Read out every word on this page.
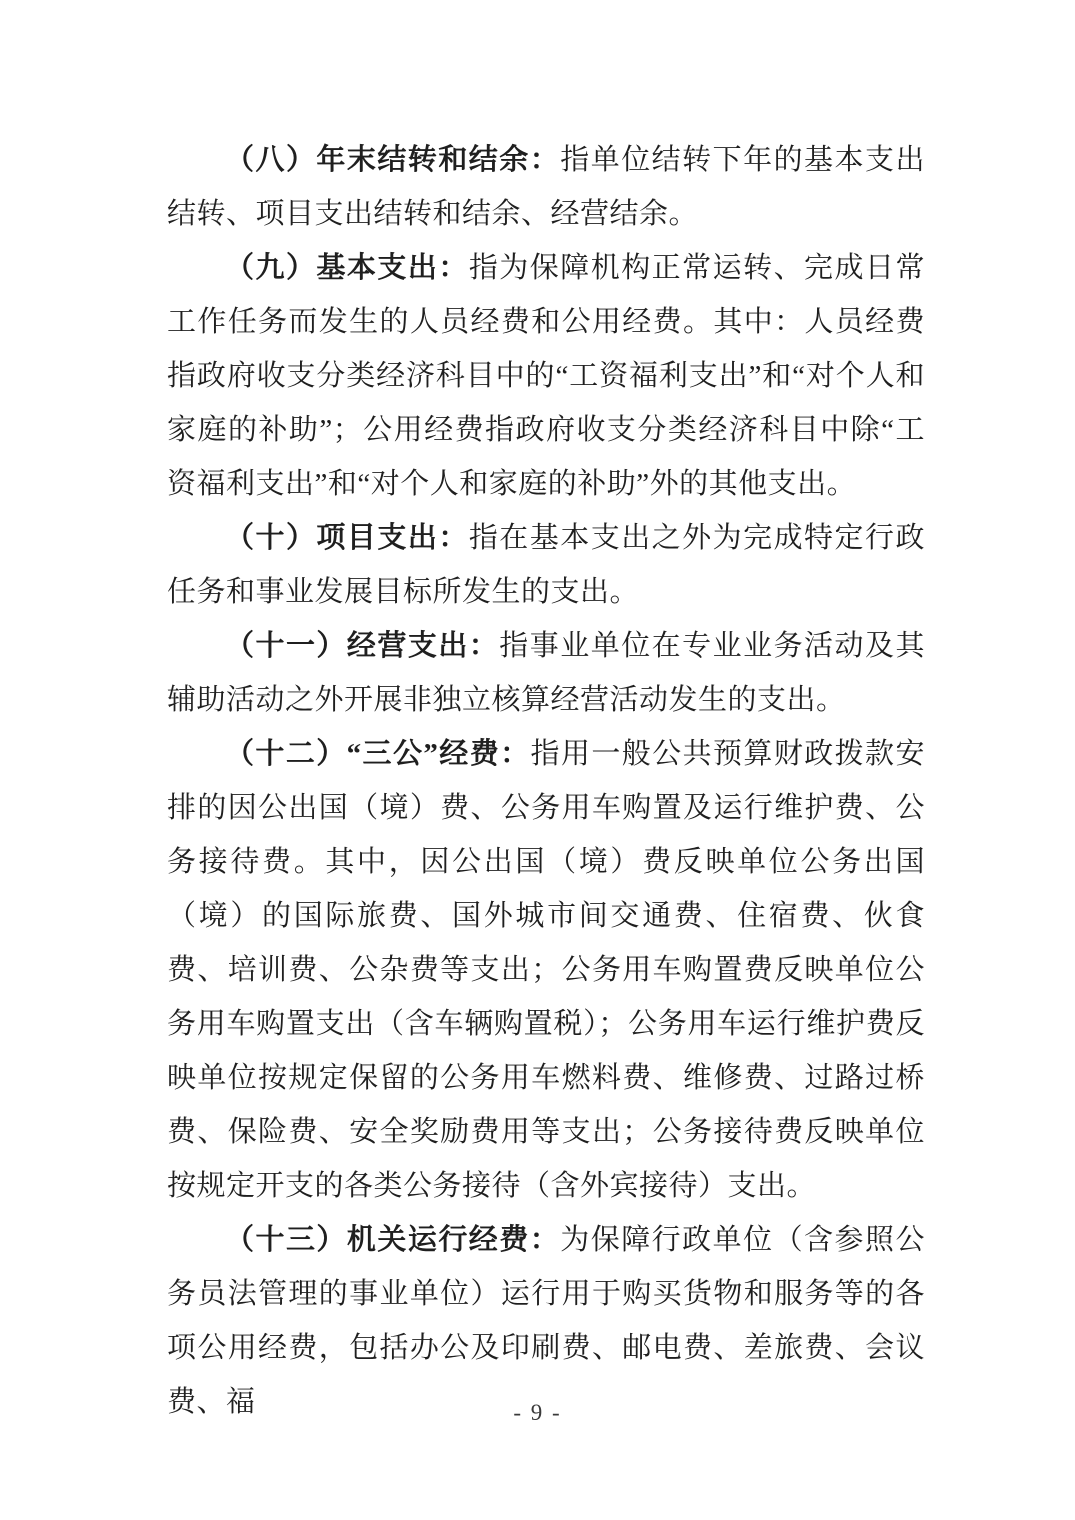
（八）年末结转和结余：指单位结转下年的基本支出结转、项目支出结转和结余、经营结余。

（九）基本支出：指为保障机构正常运转、完成日常工作任务而发生的人员经费和公用经费。其中：人员经费指政府收支分类经济科目中的“工资福利支出”和“对个人和家庭的补助”；公用经费指政府收支分类经济科目中除“工资福利支出”和“对个人和家庭的补助”外的其他支出。

（十）项目支出：指在基本支出之外为完成特定行政任务和事业发展目标所发生的支出。

（十一）经营支出：指事业单位在专业业务活动及其辅助活动之外开展非独立核算经营活动发生的支出。

（十二）“三公”经费：指用一般公共预算财政拨款安排的因公出国（境）费、公务用车购置及运行维护费、公务接待费。其中，因公出国（境）费反映单位公务出国（境）的国际旅费、国外城市间交通费、住宿费、伙食费、培训费、公杂费等支出；公务用车购置费反映单位公务用车购置支出（含车辆购置税）；公务用车运行维护费反映单位按规定保留的公务用车燃料费、维修费、过路过桥费、保险费、安全奖励费用等支出；公务接待费反映单位按规定开支的各类公务接待（含外宾接待）支出。

（十三）机关运行经费：为保障行政单位（含参照公务员法管理的事业单位）运行用于购买货物和服务等的各项公用经费，包括办公及印刷费、邮电费、差旅费、会议费、福	- 9 -
